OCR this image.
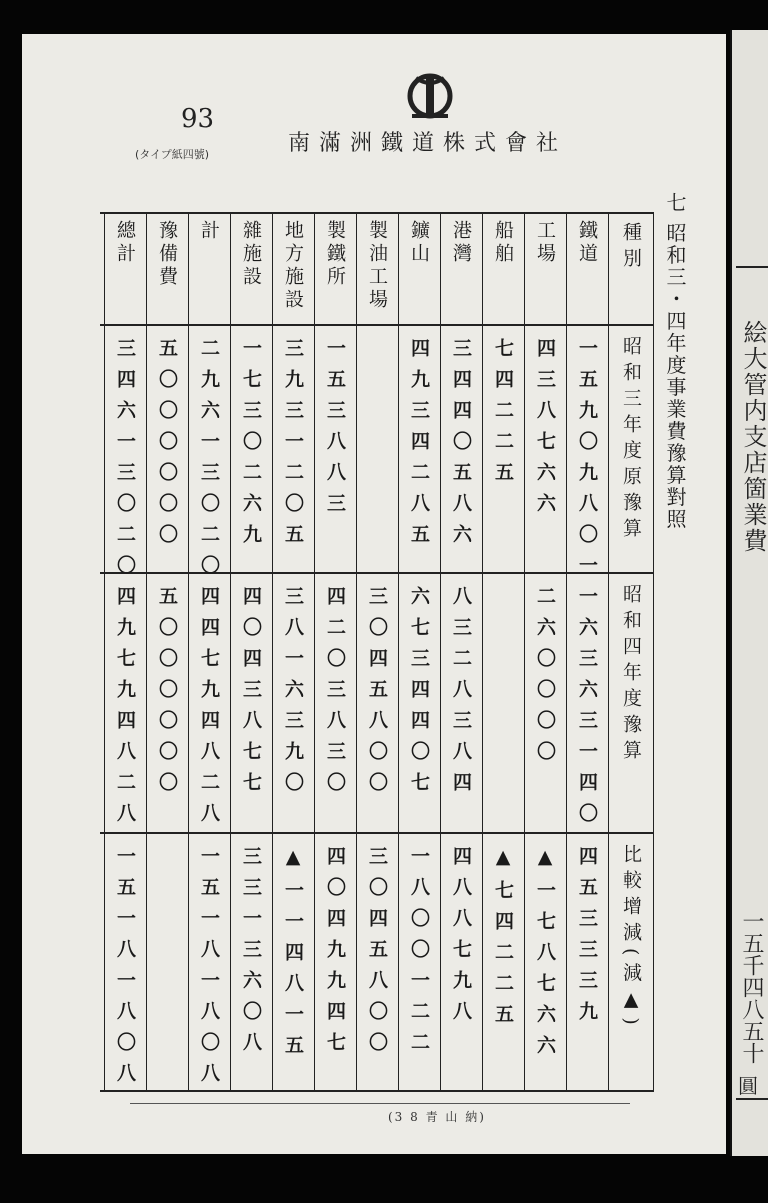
絵大管内支店箇業費
一五千四八五十
圓
93
(タイプ紙四號)	南滿洲鐵道株式會社
七 昭和三・四年度事業費豫算對照
種別
昭和三年度原豫算
昭和四年度豫算
比較增減(減▲)
鐵道
一五九〇九八〇一
一六三六三一四〇
四五三三三九
工場
四三八七六六
二六〇〇〇〇
▲一七八七六六
船舶
七四二二五
▲七四二二五
港灣
三四四〇五八六
八三二八三八四
四八八七九八
鑛山
四九三四二八五
六七三四四〇七
一八〇〇一二二
製油工場
三〇四五八〇〇
三〇四五八〇〇
製鐵所
一五三八八三
四二〇三八三〇
四〇四九九四七
地方施設
三九三一二〇五
三八一六三九〇
▲一一四八一五
雜施設
一七三〇二六九
四〇四三八七七
三三一三六〇八
計
二九六一三〇二〇
四四七九四八二八
一五一八一八〇八
豫備費
五〇〇〇〇〇〇
五〇〇〇〇〇〇
總計
三四六一三〇二〇
四九七九四八二八
一五一八一八〇八
(3 8 青 山 納)
